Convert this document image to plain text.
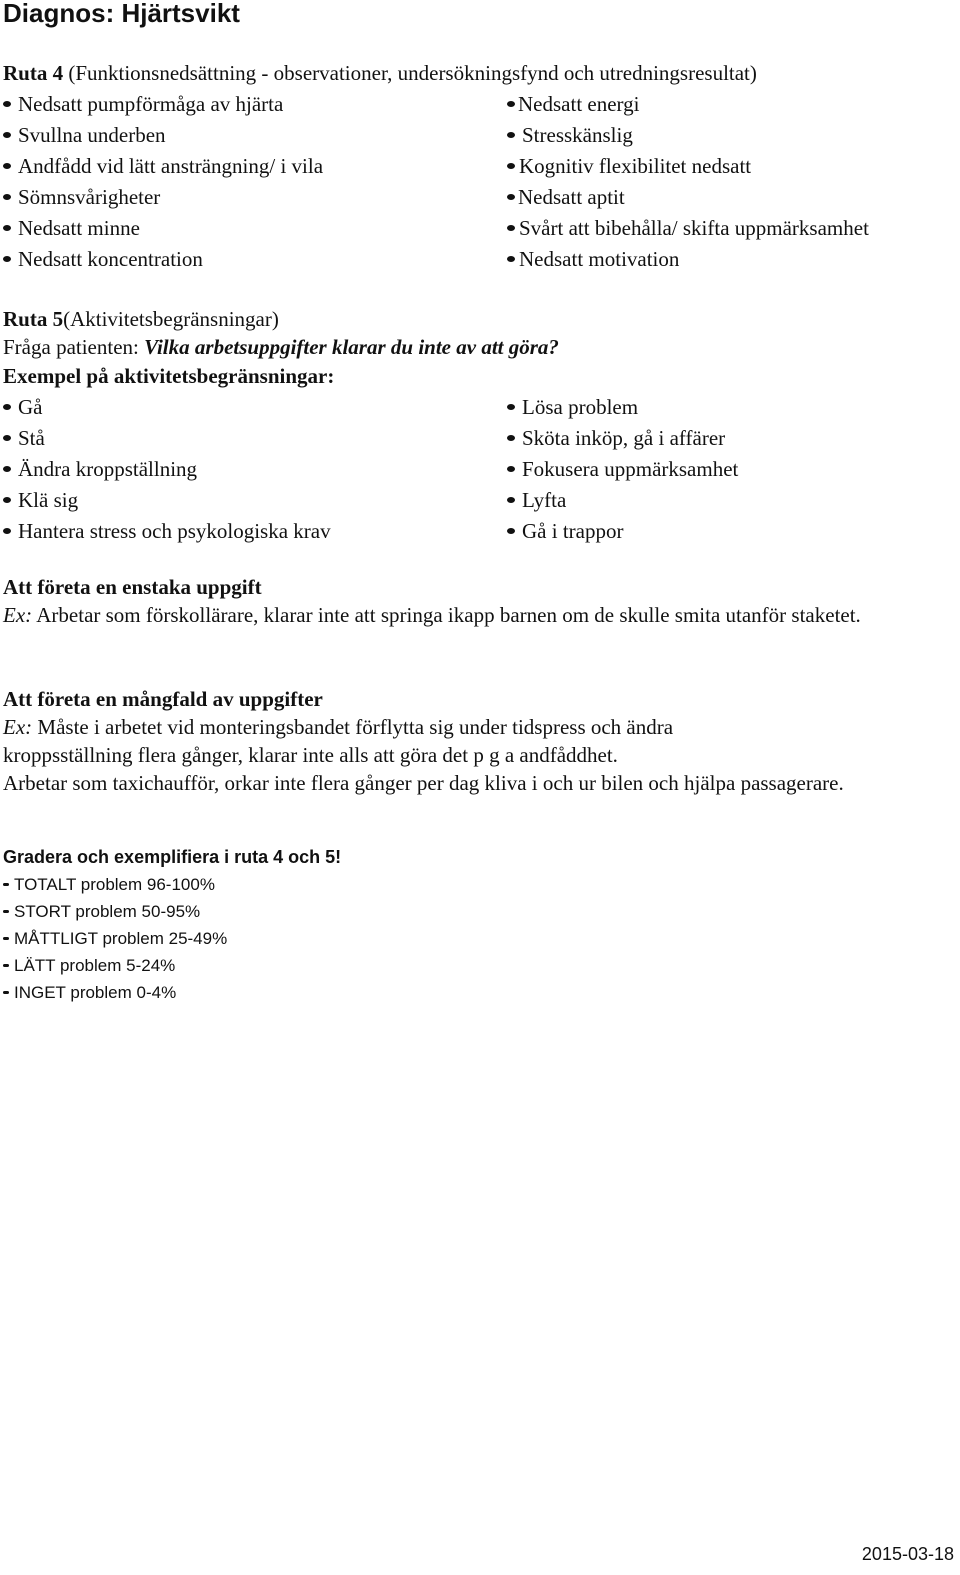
Diagnos: Hjärtsvikt
Ruta 4 (Funktionsnedsättning - observationer, undersökningsfynd och utredningsresultat)
Nedsatt pumpförmåga av hjärta
Svullna underben
Andfådd vid lätt ansträngning/ i vila
Sömnsvårigheter
Nedsatt minne
Nedsatt koncentration
Nedsatt energi
Stresskänslig
Kognitiv flexibilitet nedsatt
Nedsatt aptit
Svårt att bibehålla/ skifta uppmärksamhet
Nedsatt motivation
Ruta 5(Aktivitetsbegränsningar)
Fråga patienten: Vilka arbetsuppgifter klarar du inte av att göra?
Exempel på aktivitetsbegränsningar:
Gå
Stå
Ändra kroppställning
Klä sig
Hantera stress och psykologiska krav
Lösa problem
Sköta inköp, gå i affärer
Fokusera uppmärksamhet
Lyfta
Gå i trappor
Att företa en enstaka uppgift
Ex: Arbetar som förskollärare, klarar inte att springa ikapp barnen om de skulle smita utanför staketet.
Att företa en mångfald av uppgifter
Ex: Måste i arbetet vid monteringsbandet förflytta sig under tidspress och ändra kroppsställning flera gånger, klarar inte alls att göra det p g a andfåddhet.
Arbetar som taxichaufför, orkar inte flera gånger per dag kliva i och ur bilen och hjälpa passagerare.
Gradera och exemplifiera i ruta 4 och 5!
TOTALT problem 96-100%
STORT problem 50-95%
MÅTTLIGT problem 25-49%
LÄTT problem 5-24%
INGET problem 0-4%
2015-03-18
